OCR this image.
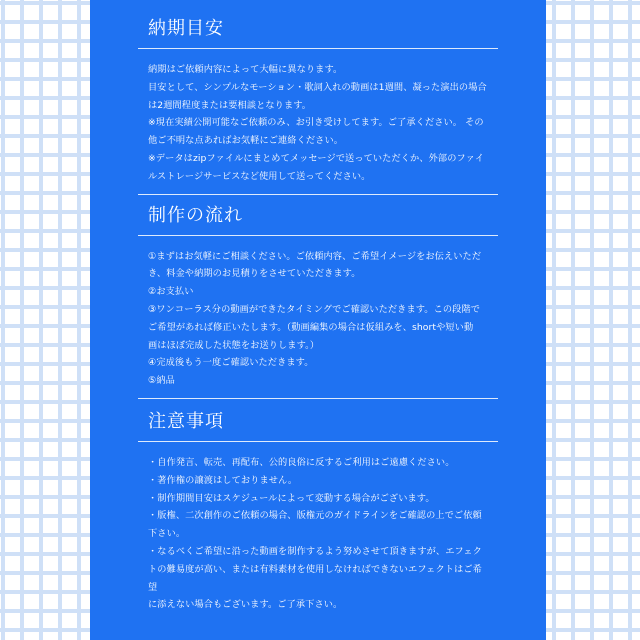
納期目安

納期はご依頼内容によって大幅に異なります。

目安として、シンプルなモーション・歌詞入れの動画は1週間、凝った演出の場合

は2週間程度または要相談となります。

※現在実績公開可能なご依頼のみ、お引き受けしてます。ご了承ください。 その

他ご不明な点あればお気軽にご連絡ください。

※データはzipファイルにまとめてメッセージで送っていただくか、外部のファイ

ルストレージサービスなど使用して送ってください。

制作の流れ

①まずはお気軽にご相談ください。ご依頼内容、ご希望イメージをお伝えいただ

き、料金や納期のお見積りをさせていただきます。

②お支払い

③ワンコーラス分の動画ができたタイミングでご確認いただきます。この段階で

ご希望があれば修正いたします。（動画編集の場合は仮組みを、shortや短い動

画はほぼ完成した状態をお送りします。）

④完成後もう一度ご確認いただきます。

⑤納品

注意事項

・自作発言、転売、再配布、公的良俗に反するご利用はご遠慮ください。

・著作権の譲渡はしておりません。

・制作期間目安はスケジュールによって変動する場合がございます。

・版権、二次創作のご依頼の場合、版権元のガイドラインをご確認の上でご依頼

下さい。

・なるべくご希望に沿った動画を制作するよう努めさせて頂きますが、エフェク

トの難易度が高い、または有料素材を使用しなければできないエフェクトはご希望

に添えない場合もございます。ご了承下さい。
